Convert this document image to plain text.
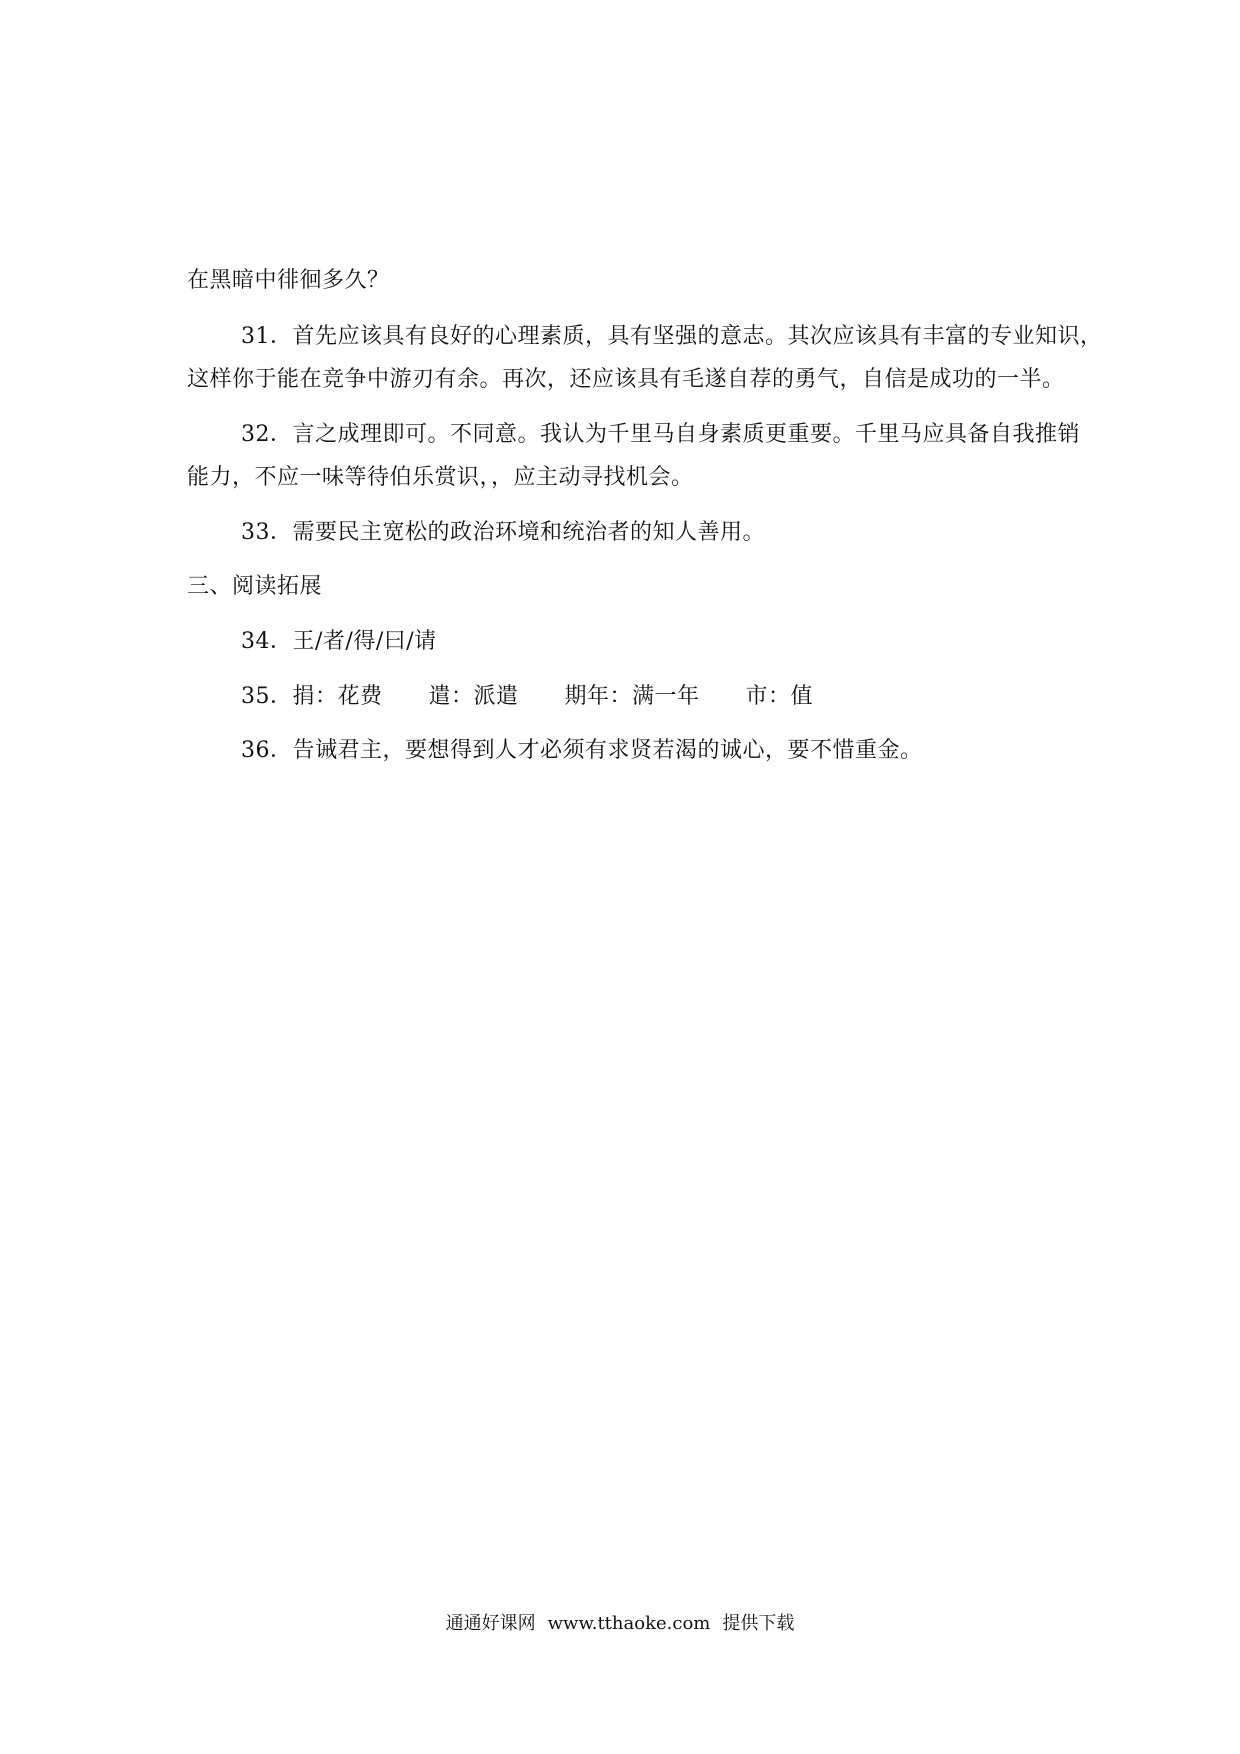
在黑暗中徘徊多久？
31．首先应该具有良好的心理素质，具有坚强的意志。其次应该具有丰富的专业知识，
这样你于能在竞争中游刃有余。再次，还应该具有毛遂自荐的勇气，自信是成功的一半。
32．言之成理即可。不同意。我认为千里马自身素质更重要。千里马应具备自我推销
能力，不应一味等待伯乐赏识，，应主动寻找机会。
33．需要民主宽松的政治环境和统治者的知人善用。
三、阅读拓展
34．王/者/得/曰/请
35．捐：花费 遣：派遣 期年：满一年 市：值
36．告诫君主，要想得到人才必须有求贤若渴的诚心，要不惜重金。
通通好课网 www.tthaoke.com 提供下载
